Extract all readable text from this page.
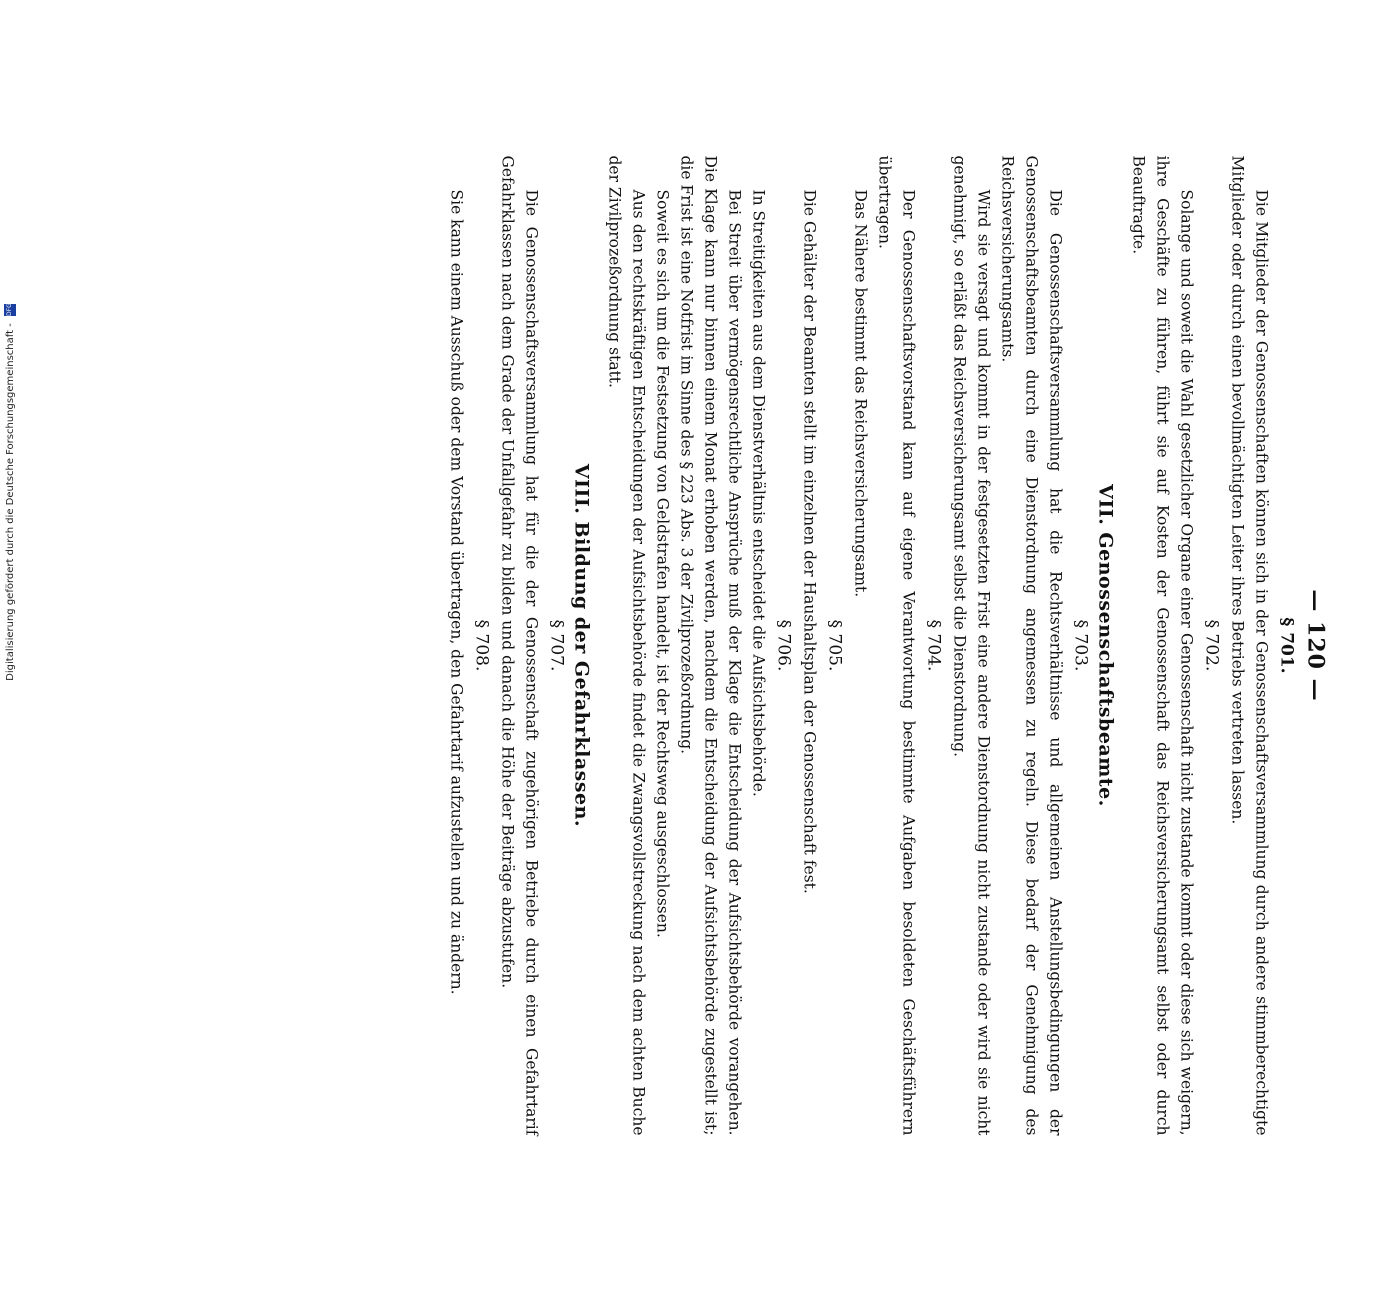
— 120 —
§ 701.

Die Mitglieder der Genossenschaften können sich in der Genossenschaftsversammlung durch andere stimmberechtigte Mitglieder oder durch einen bevollmächtigten Leiter ihres Betriebs vertreten lassen.

§ 702.

Solange und soweit die Wahl gesetzlicher Organe einer Genossenschaft nicht zustande kommt oder diese sich weigern, ihre Geschäfte zu führen, führt sie auf Kosten der Genossenschaft das Reichsversicherungsamt selbst oder durch Beauftragte.

VII. Genossenschaftsbeamte.
§ 703.

Die Genossenschaftsversammlung hat die Rechtsverhältnisse und allgemeinen Anstellungsbedingungen der Genossenschaftsbeamten durch eine Dienstordnung angemessen zu regeln. Diese bedarf der Genehmigung des Reichsversicherungsamts.

Wird sie versagt und kommt in der festgesetzten Frist eine andere Dienstordnung nicht zustande oder wird sie nicht genehmigt, so erläßt das Reichsversicherungsamt selbst die Dienstordnung.

§ 704.

Der Genossenschaftsvorstand kann auf eigene Verantwortung bestimmte Aufgaben besoldeten Geschäftsführern übertragen.

Das Nähere bestimmt das Reichsversicherungsamt.

§ 705.

Die Gehälter der Beamten stellt im einzelnen der Haushaltsplan der Genossenschaft fest.

§ 706.

In Streitigkeiten aus dem Dienstverhältnis entscheidet die Aufsichtsbehörde.

Bei Streit über vermögensrechtliche Ansprüche muß der Klage die Entscheidung der Aufsichtsbehörde vorangehen. Die Klage kann nur binnen einem Monat erhoben werden, nachdem die Entscheidung der Aufsichtsbehörde zugestellt ist; die Frist ist eine Notfrist im Sinne des § 223 Abs. 3 der Zivilprozeßordnung.

Soweit es sich um die Festsetzung von Geldstrafen handelt, ist der Rechtsweg ausgeschlossen.

Aus den rechtskräftigen Entscheidungen der Aufsichtsbehörde findet die Zwangsvollstreckung nach dem achten Buche der Zivilprozeßordnung statt.

VIII. Bildung der Gefahrklassen.
§ 707.

Die Genossenschaftsversammlung hat für die der Genossenschaft zugehörigen Betriebe durch einen Gefahrtarif Gefahrklassen nach dem Grade der Unfallgefahr zu bilden und danach die Höhe der Beiträge abzustufen.

§ 708.

Sie kann einem Ausschuß oder dem Vorstand übertragen, den Gefahrtarif aufzustellen und zu ändern.

Digitalisierung gefördert durch die Deutsche Forschungsgemeinschaft - DFG
